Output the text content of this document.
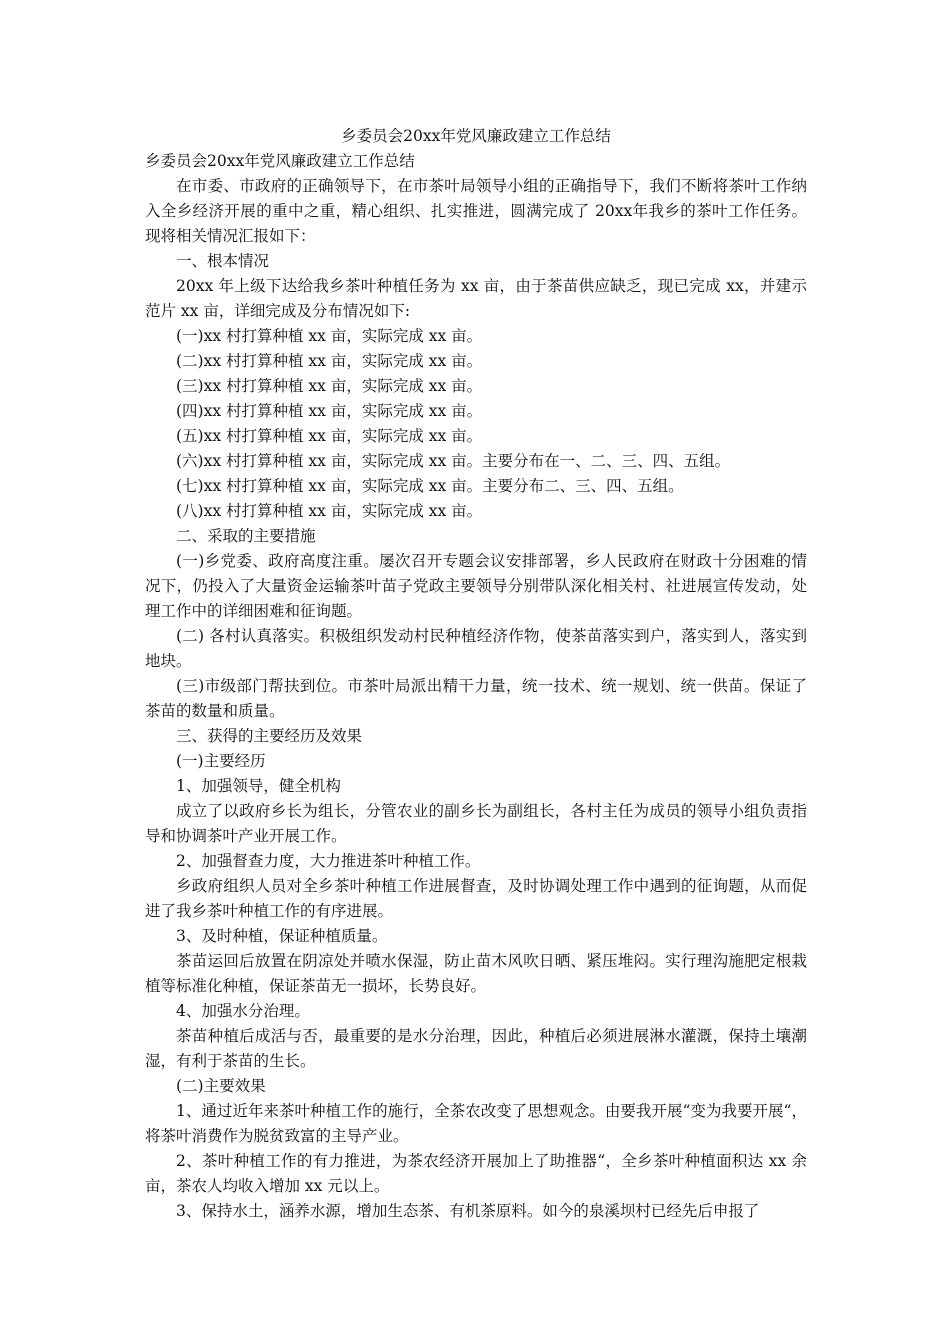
乡委员会20xx年党风廉政建立工作总结

乡委员会20xx年党风廉政建立工作总结

在市委、市政府的正确领导下，在市茶叶局领导小组的正确指导下，我们不断将茶叶工作纳入全乡经济开展的重中之重，精心组织、扎实推进，圆满完成了 20xx年我乡的茶叶工作任务。现将相关情况汇报如下：

一、根本情况

20xx 年上级下达给我乡茶叶种植任务为 xx 亩，由于茶苗供应缺乏，现已完成 xx，并建示范片 xx 亩，详细完成及分布情况如下:

(一)xx 村打算种植 xx 亩，实际完成 xx 亩。

(二)xx 村打算种植 xx 亩，实际完成 xx 亩。

(三)xx 村打算种植 xx 亩，实际完成 xx 亩。

(四)xx 村打算种植 xx 亩，实际完成 xx 亩。

(五)xx 村打算种植 xx 亩，实际完成 xx 亩。

(六)xx 村打算种植 xx 亩，实际完成 xx 亩。主要分布在一、二、三、四、五组。

(七)xx 村打算种植 xx 亩，实际完成 xx 亩。主要分布二、三、四、五组。

(八)xx 村打算种植 xx 亩，实际完成 xx 亩。

二、采取的主要措施

(一)乡党委、政府高度注重。屡次召开专题会议安排部署，乡人民政府在财政十分困难的情况下，仍投入了大量资金运输茶叶苗子党政主要领导分别带队深化相关村、社进展宣传发动，处理工作中的详细困难和征询题。

(二) 各村认真落实。积极组织发动村民种植经济作物，使茶苗落实到户，落实到人，落实到地块。

(三)市级部门帮扶到位。市茶叶局派出精干力量，统一技术、统一规划、统一供苗。保证了茶苗的数量和质量。

三、获得的主要经历及效果

(一)主要经历

1、加强领导，健全机构

成立了以政府乡长为组长，分管农业的副乡长为副组长，各村主任为成员的领导小组负责指导和协调茶叶产业开展工作。

2、加强督查力度，大力推进茶叶种植工作。

乡政府组织人员对全乡茶叶种植工作进展督查，及时协调处理工作中遇到的征询题，从而促进了我乡茶叶种植工作的有序进展。

3、及时种植，保证种植质量。

茶苗运回后放置在阴凉处并喷水保湿，防止苗木风吹日晒、紧压堆闷。实行理沟施肥定根栽植等标准化种植，保证茶苗无一损坏，长势良好。

4、加强水分治理。

茶苗种植后成活与否，最重要的是水分治理，因此，种植后必须进展淋水灌溉，保持土壤潮湿，有利于茶苗的生长。

(二)主要效果

1、通过近年来茶叶种植工作的施行，全茶农改变了思想观念。由要我开展“变为我要开展“，将茶叶消费作为脱贫致富的主导产业。

2、茶叶种植工作的有力推进，为茶农经济开展加上了助推器“，全乡茶叶种植面积达 xx 余亩，茶农人均收入增加 xx 元以上。

3、保持水土，涵养水源，增加生态茶、有机茶原料。如今的泉溪坝村已经先后申报了
